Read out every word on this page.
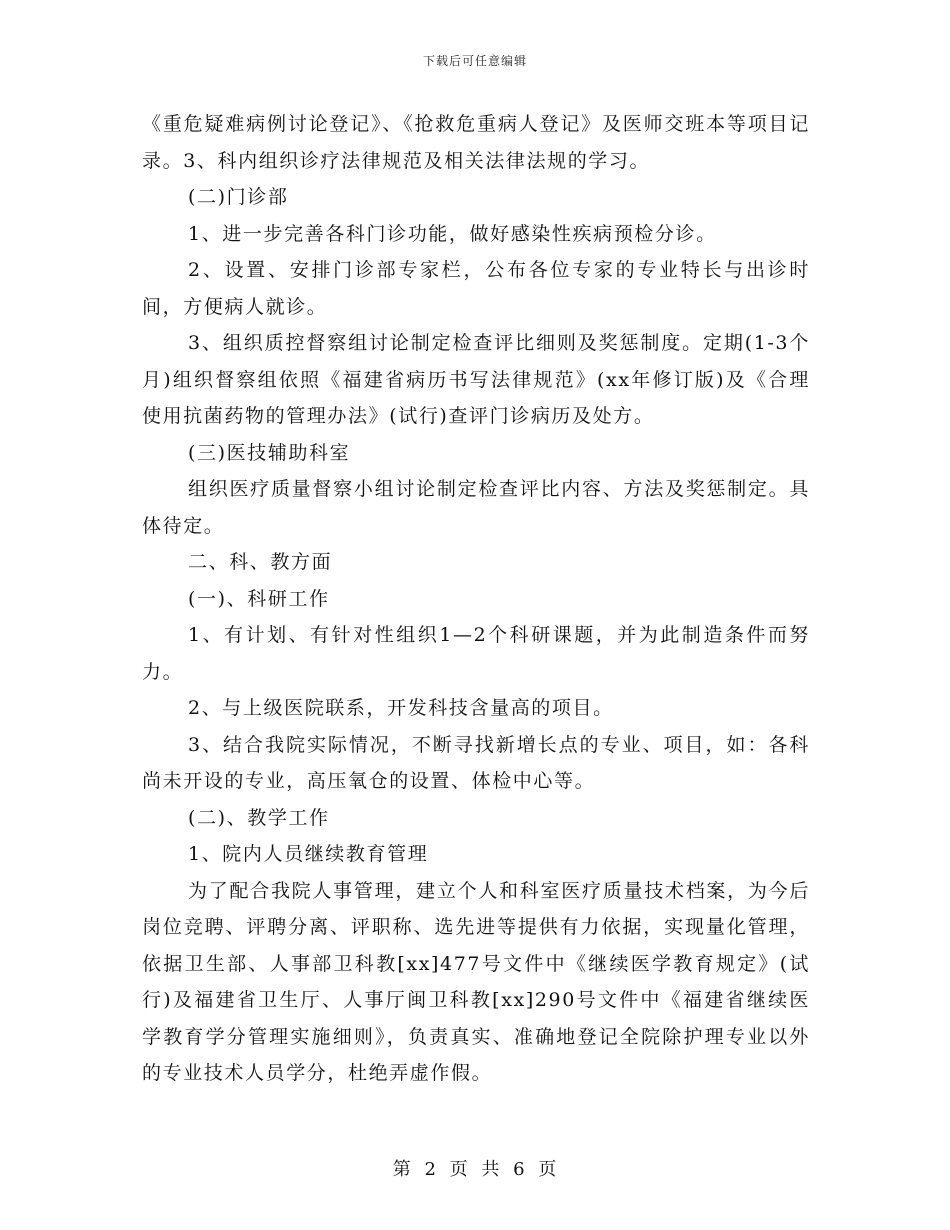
下载后可任意编辑

《重危疑难病例讨论登记》、《抢救危重病人登记》及医师交班本等项目记录。3、科内组织诊疗法律规范及相关法律法规的学习。

(二)门诊部

1、进一步完善各科门诊功能，做好感染性疾病预检分诊。

2、设置、安排门诊部专家栏，公布各位专家的专业特长与出诊时间，方便病人就诊。

3、组织质控督察组讨论制定检查评比细则及奖惩制度。定期(1-3个月)组织督察组依照《福建省病历书写法律规范》(xx年修订版)及《合理使用抗菌药物的管理办法》(试行)查评门诊病历及处方。

(三)医技辅助科室

组织医疗质量督察小组讨论制定检查评比内容、方法及奖惩制定。具体待定。

二、科、教方面

(一)、科研工作

1、有计划、有针对性组织1—2个科研课题，并为此制造条件而努力。

2、与上级医院联系，开发科技含量高的项目。

3、结合我院实际情况，不断寻找新增长点的专业、项目，如：各科尚未开设的专业，高压氧仓的设置、体检中心等。

(二)、教学工作

1、院内人员继续教育管理

为了配合我院人事管理，建立个人和科室医疗质量技术档案，为今后岗位竞聘、评聘分离、评职称、选先进等提供有力依据，实现量化管理，依据卫生部、人事部卫科教[xx]477号文件中《继续医学教育规定》(试行)及福建省卫生厅、人事厅闽卫科教[xx]290号文件中《福建省继续医学教育学分管理实施细则》，负责真实、准确地登记全院除护理专业以外的专业技术人员学分，杜绝弄虚作假。

第 2 页 共 6 页
